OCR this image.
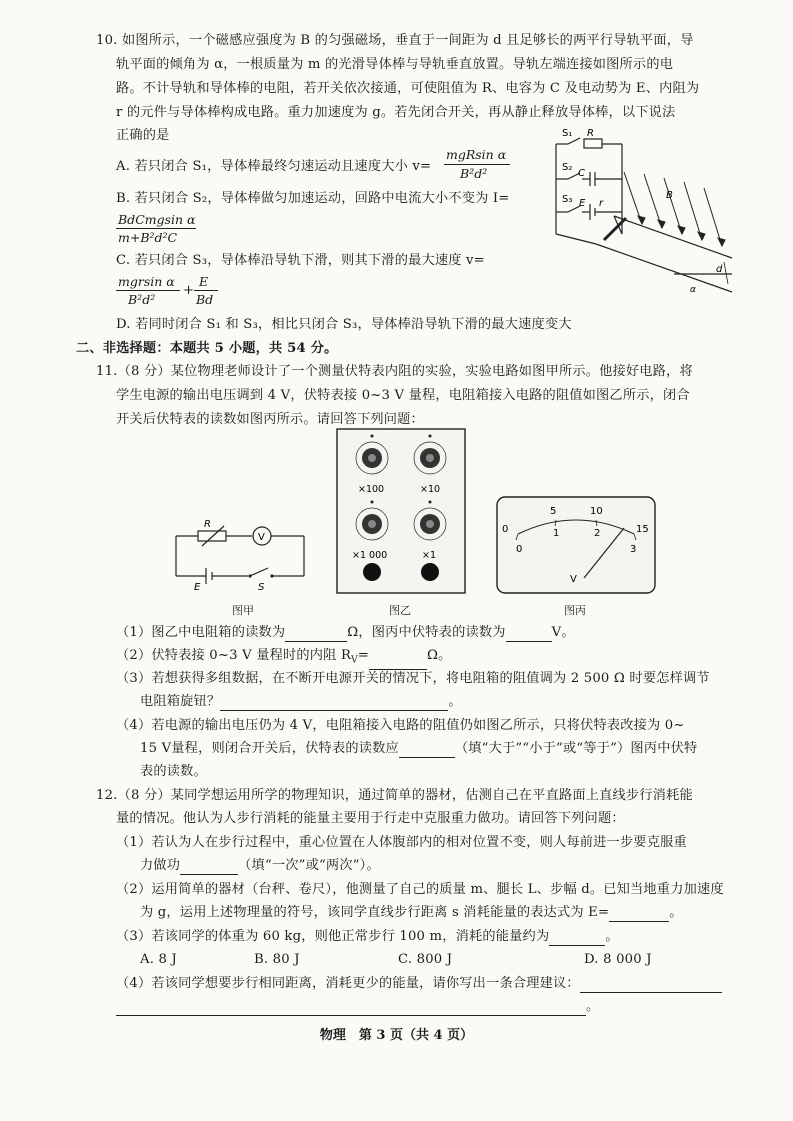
10. 如图所示，一个磁感应强度为 B 的匀强磁场，垂直于一间距为 d 且足够长的两平行导轨平面，导
轨平面的倾角为 α，一根质量为 m 的光滑导体棒与导轨垂直放置。导轨左端连接如图所示的电
路。不计导轨和导体棒的电阻，若开关依次接通，可使阻值为 R、电容为 C 及电动势为 E、内阻为
r 的元件与导体棒构成电路。重力加速度为 g。若先闭合开关，再从静止释放导体棒，以下说法
正确的是
A. 若只闭合 S₁，导体棒最终匀速运动且速度大小 v=
mgRsin α
B²d²
B. 若只闭合 S₂，导体棒做匀加速运动，回路中电流大小不变为 I=
BdCmgsin α
m+B²d²C
C. 若只闭合 S₃，导体棒沿导轨下滑，则其下滑的最大速度 v=
mgrsin α
B²d²
+
E
Bd
D. 若同时闭合 S₁ 和 S₃，相比只闭合 S₃，导体棒沿导轨下滑的最大速度变大
S₁ R
S₂
C
S₃ E r
B
d
α
二、非选择题：本题共 5 小题，共 54 分。
11.（8 分）某位物理老师设计了一个测量伏特表内阻的实验，实验电路如图甲所示。他接好电路，将
学生电源的输出电压调到 4 V，伏特表接 0~3 V 量程，电阻箱接入电路的阻值如图乙所示，闭合
开关后伏特表的读数如图丙所示。请回答下列问题：
R
V
E	S
图甲
×100	×10
×1 000	×1
图乙
0
5	10
15
0
1	2
3
V
图丙
（1）图乙中电阻箱的读数为	Ω，图丙中伏特表的读数为	V。
（2）伏特表接 0~3 V 量程时的内阻 $R_V=$	Ω。
（3）若想获得多组数据，在不断开电源开关的情况下，将电阻箱的阻值调为 2 500 Ω 时要怎样调节
电阻箱旋钮？	。
（4）若电源的输出电压仍为 4 V，电阻箱接入电路的阻值仍如图乙所示，只将伏特表改接为 0~
15 V量程，则闭合开关后，伏特表的读数应	（填“大于”“小于”或“等于”）图丙中伏特
表的读数。
12.（8 分）某同学想运用所学的物理知识，通过简单的器材，估测自己在平直路面上直线步行消耗能
量的情况。他认为人步行消耗的能量主要用于行走中克服重力做功。请回答下列问题：
（1）若认为人在步行过程中，重心位置在人体腹部内的相对位置不变，则人每前进一步要克服重
力做功	（填“一次”或“两次”）。
（2）运用简单的器材（台秤、卷尺），他测量了自己的质量 m、腿长 L、步幅 d。已知当地重力加速度
为 g，运用上述物理量的符号，该同学直线步行距离 s 消耗能量的表达式为 E=	。
（3）若该同学的体重为 60 kg，则他正常步行 100 m，消耗的能量约为	。
A. 8 J	B. 80 J	C. 800 J	D. 8 000 J
（4）若该同学想要步行相同距离，消耗更少的能量，请你写出一条合理建议：
。
物理　第 3 页（共 4 页）
